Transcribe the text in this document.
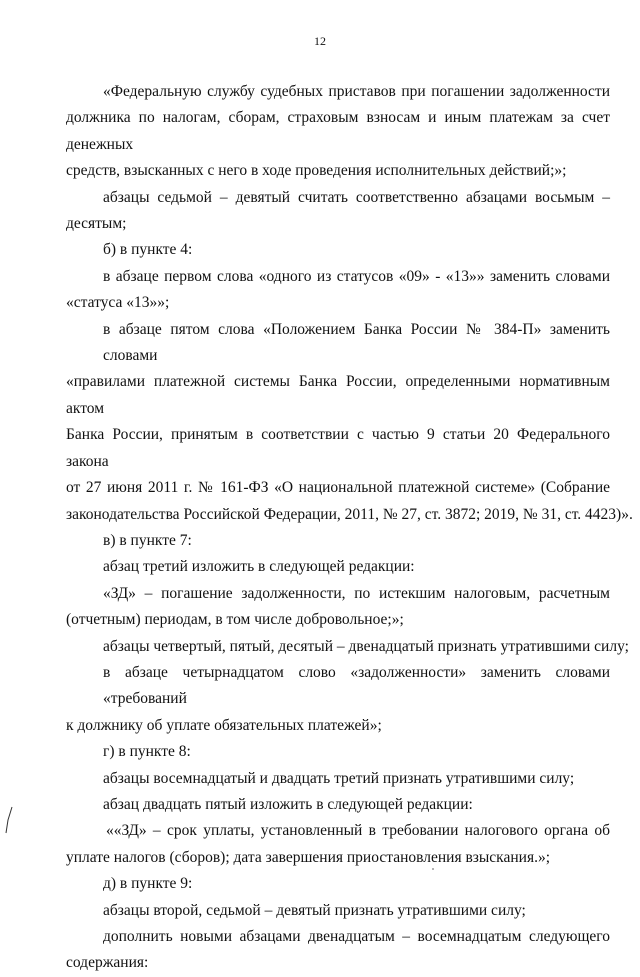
12
«Федеральную службу судебных приставов при погашении задолженности
должника по налогам, сборам, страховым взносам и иным платежам за счет денежных
средств, взысканных с него в ходе проведения исполнительных действий;»;
абзацы седьмой – девятый считать соответственно абзацами восьмым –
десятым;
б) в пункте 4:
в абзаце первом слова «одного из статусов «09» - «13»» заменить словами
«статуса «13»»;
в абзаце пятом слова «Положением Банка России № 384-П» заменить словами
«правилами платежной системы Банка России, определенными нормативным актом
Банка России, принятым в соответствии с частью 9 статьи 20 Федерального закона
от 27 июня 2011 г. № 161-ФЗ «О национальной платежной системе» (Собрание
законодательства Российской Федерации, 2011, № 27, ст. 3872; 2019, № 31, ст. 4423)».
в) в пункте 7:
абзац третий изложить в следующей редакции:
«ЗД» – погашение задолженности, по истекшим налоговым, расчетным
(отчетным) периодам, в том числе добровольное;»;
абзацы четвертый, пятый, десятый – двенадцатый признать утратившими силу;
в абзаце четырнадцатом слово «задолженности» заменить словами «требований
к должнику об уплате обязательных платежей»;
г) в пункте 8:
абзацы восемнадцатый и двадцать третий признать утратившими силу;
абзац двадцать пятый изложить в следующей редакции:
««ЗД» – срок уплаты, установленный в требовании налогового органа об
уплате налогов (сборов); дата завершения приостановления взыскания.»;
д) в пункте 9:
абзацы второй, седьмой – девятый признать утратившими силу;
дополнить новыми абзацами двенадцатым – восемнадцатым следующего
содержания:
